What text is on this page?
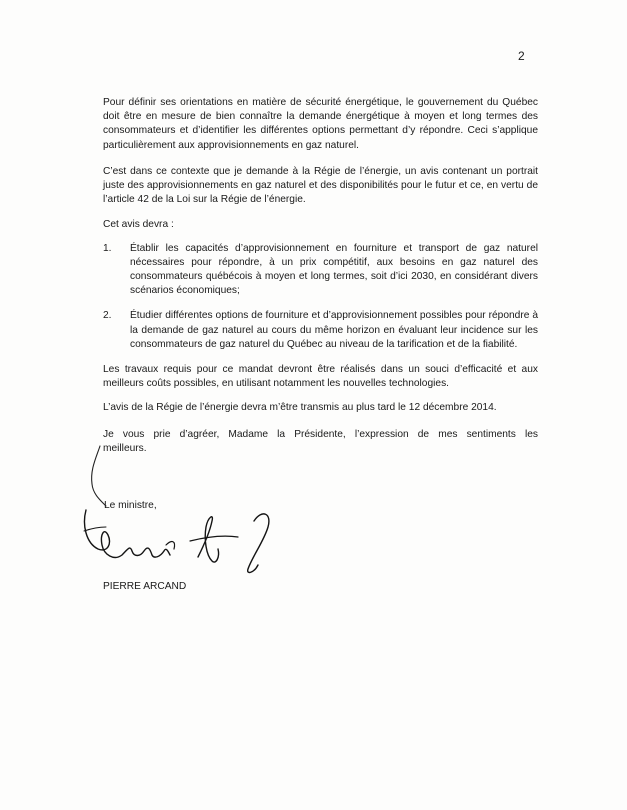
2

Pour définir ses orientations en matière de sécurité énergétique, le gouvernement du Québec doit être en mesure de bien connaître la demande énergétique à moyen et long termes des consommateurs et d’identifier les différentes options permettant d’y répondre. Ceci s’applique particulièrement aux approvisionnements en gaz naturel.

C’est dans ce contexte que je demande à la Régie de l’énergie, un avis contenant un portrait juste des approvisionnements en gaz naturel et des disponibilités pour le futur et ce, en vertu de l’article 42 de la Loi sur la Régie de l’énergie.

Cet avis devra :

1. Établir les capacités d’approvisionnement en fourniture et transport de gaz naturel nécessaires pour répondre, à un prix compétitif, aux besoins en gaz naturel des consommateurs québécois à moyen et long termes, soit d’ici 2030, en considérant divers scénarios économiques;
2. Étudier différentes options de fourniture et d’approvisionnement possibles pour répondre à la demande de gaz naturel au cours du même horizon en évaluant leur incidence sur les consommateurs de gaz naturel du Québec au niveau de la tarification et de la fiabilité.

Les travaux requis pour ce mandat devront être réalisés dans un souci d’efficacité et aux meilleurs coûts possibles, en utilisant notamment les nouvelles technologies.

L’avis de la Régie de l’énergie devra m’être transmis au plus tard le 12 décembre 2014.

Je vous prie d’agréer, Madame la Présidente, l’expression de mes sentiments les
meilleurs.

Le ministre,
PIERRE ARCAND
